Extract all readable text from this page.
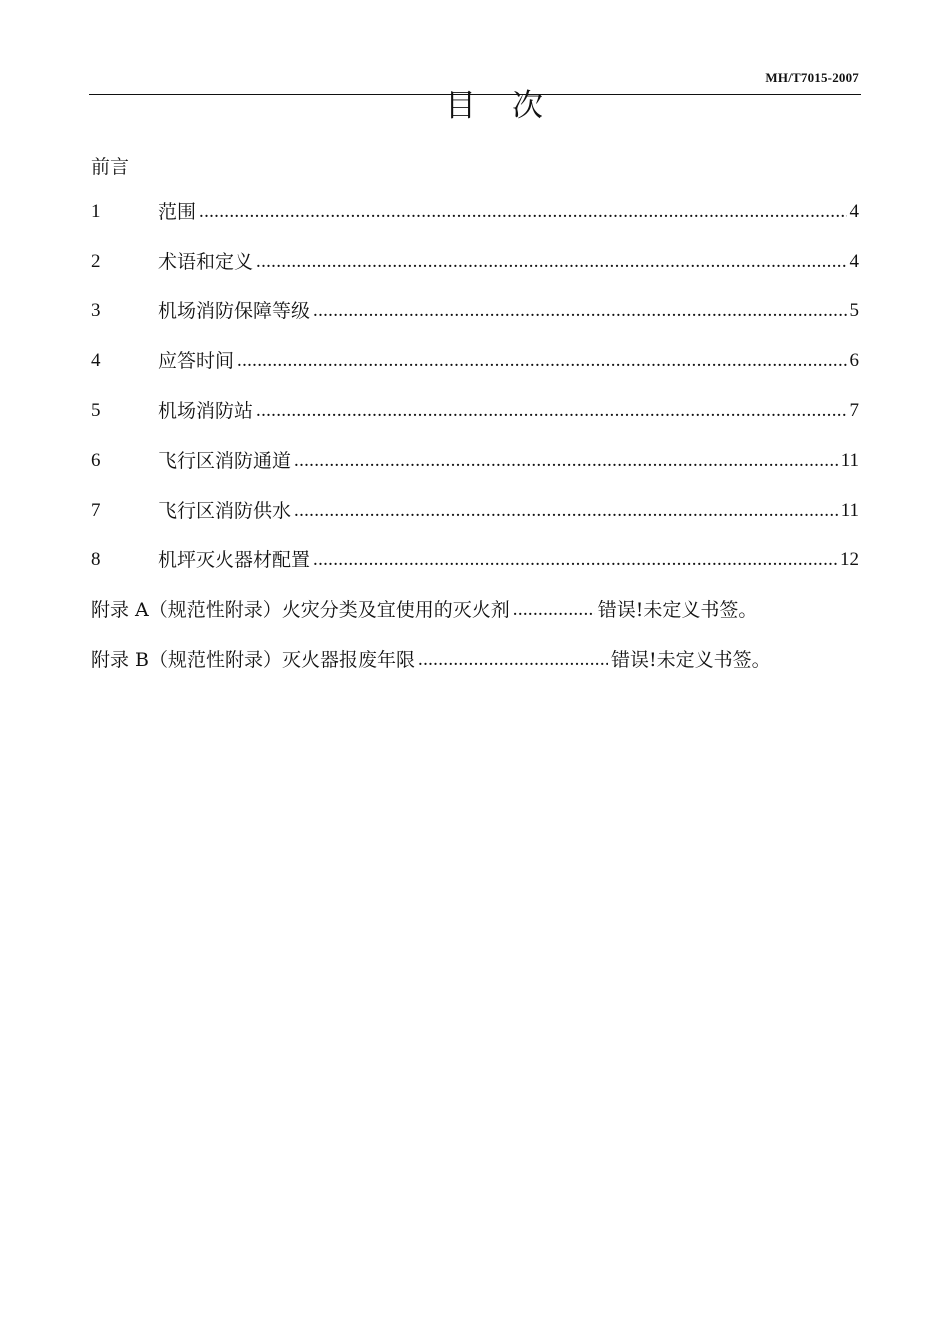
MH/T7015-2007
目次
前言
1	范围 .....	4
2	术语和定义 .....	4
3	机场消防保障等级 .....	5
4	应答时间 .....	6
5	机场消防站 .....	7
6	飞行区消防通道 .....	11
7	飞行区消防供水 .....	11
8	机坪灭火器材配置 .....	12
附录 A（规范性附录）火灾分类及宜使用的灭火剂 .....	错误!未定义书签。
附录 B（规范性附录）灭火器报废年限 .....	错误!未定义书签。
